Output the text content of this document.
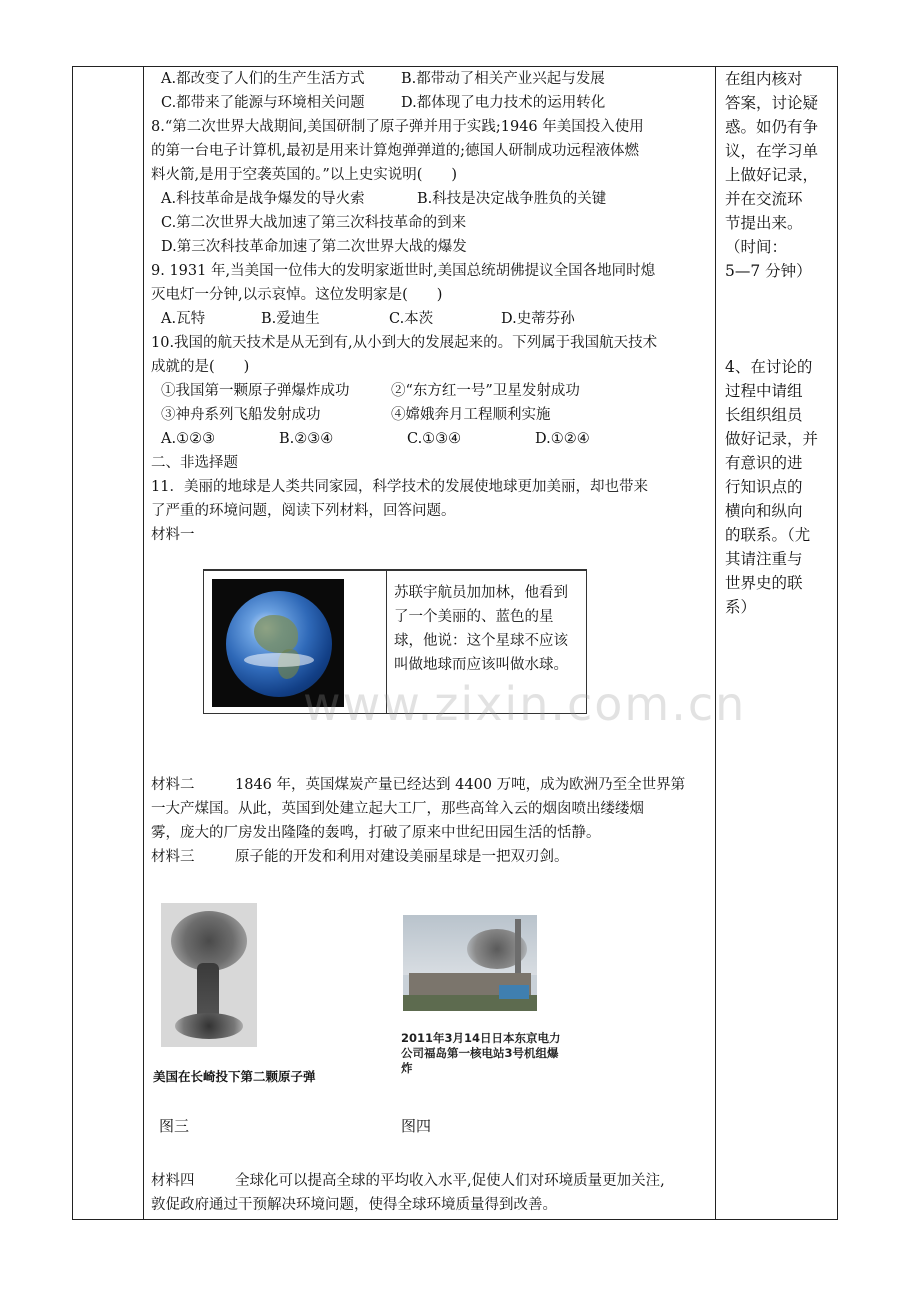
A.都改变了人们的生产生活方式	B.都带动了相关产业兴起与发展
C.都带来了能源与环境相关问题	D.都体现了电力技术的运用转化
8.“第二次世界大战期间,美国研制了原子弹并用于实践;1946 年美国投入使用
的第一台电子计算机,最初是用来计算炮弹弹道的;德国人研制成功远程液体燃
料火箭,是用于空袭英国的。”以上史实说明(　　)
A.科技革命是战争爆发的导火索	B.科技是决定战争胜负的关键
C.第二次世界大战加速了第三次科技革命的到来
D.第三次科技革命加速了第二次世界大战的爆发
9. 1931 年,当美国一位伟大的发明家逝世时,美国总统胡佛提议全国各地同时熄
灭电灯一分钟,以示哀悼。这位发明家是(　　)
A.瓦特	B.爱迪生	C.本茨	D.史蒂芬孙
10.我国的航天技术是从无到有,从小到大的发展起来的。下列属于我国航天技术
成就的是(　　)
①我国第一颗原子弹爆炸成功	②“东方红一号”卫星发射成功
③神舟系列飞船发射成功	④嫦娥奔月工程顺利实施
A.①②③	B.②③④	C.①③④	D.①②④
二、非选择题
11．美丽的地球是人类共同家园，科学技术的发展使地球更加美丽，却也带来
了严重的环境问题，阅读下列材料，回答问题。
材料一
苏联宇航员加加林，他看到了一个美丽的、蓝色的星球，他说：这个星球不应该叫做地球而应该叫做水球。
www.zixin.com.cn
材料二	1846 年，英国煤炭产量已经达到 4400 万吨，成为欧洲乃至全世界第
一大产煤国。从此，英国到处建立起大工厂，那些高耸入云的烟囱喷出缕缕烟
雾，庞大的厂房发出隆隆的轰鸣，打破了原来中世纪田园生活的恬静。
材料三	原子能的开发和利用对建设美丽星球是一把双刃剑。
美国在长崎投下第二颗原子弹
2011年3月14日日本东京电力公司福岛第一核电站3号机组爆炸
图三	图四
材料四	全球化可以提高全球的平均收入水平,促使人们对环境质量更加关注,
敦促政府通过干预解决环境问题，使得全球环境质量得到改善。
在组内核对
答案，讨论疑
惑。如仍有争
议，在学习单
上做好记录，
并在交流环
节提出来。
（时间：
5—7 分钟）
4、在讨论的
过程中请组
长组织组员
做好记录，并
有意识的进
行知识点的
横向和纵向
的联系。（尤
其请注重与
世界史的联
系）
